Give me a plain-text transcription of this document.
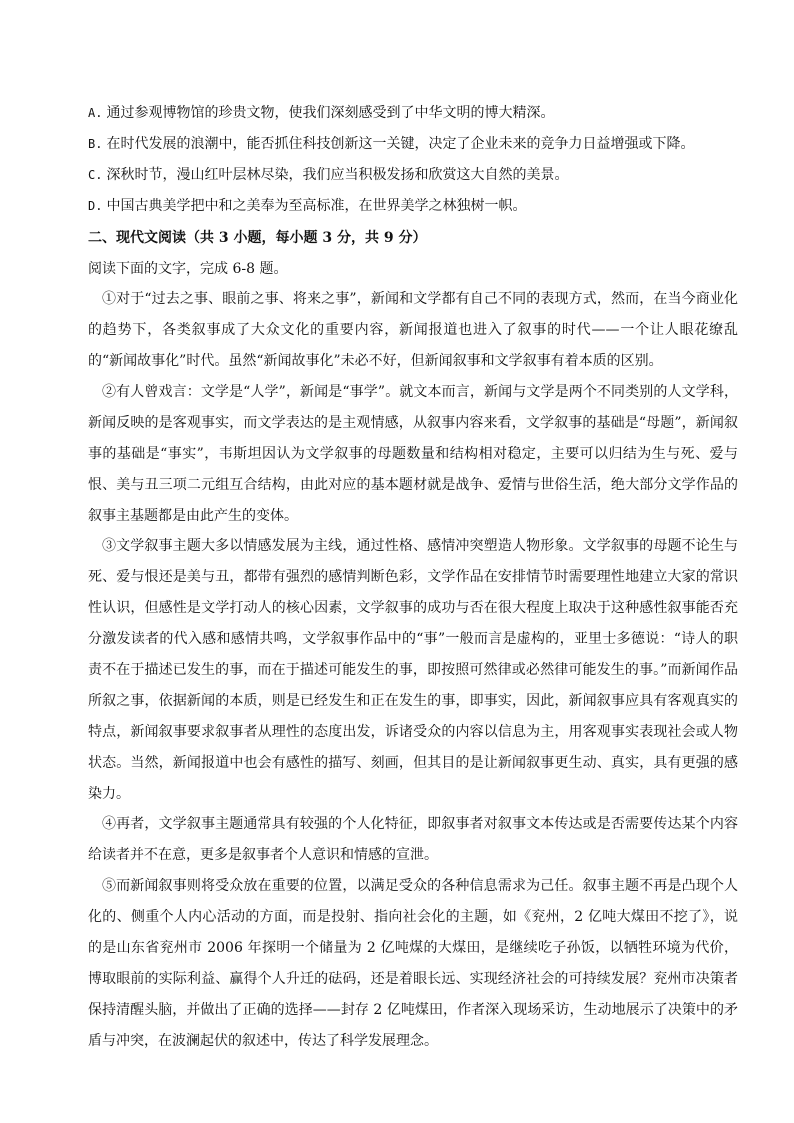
A. 通过参观博物馆的珍贵文物，使我们深刻感受到了中华文明的博大精深。
B. 在时代发展的浪潮中，能否抓住科技创新这一关键，决定了企业未来的竞争力日益增强或下降。
C. 深秋时节，漫山红叶层林尽染，我们应当积极发扬和欣赏这大自然的美景。
D. 中国古典美学把中和之美奉为至高标准，在世界美学之林独树一帜。
二、现代文阅读（共 3 小题，每小题 3 分，共 9 分）
阅读下面的文字，完成 6-8 题。

①对于“过去之事、眼前之事、将来之事”，新闻和文学都有自己不同的表现方式，然而，在当今商业化的趋势下，各类叙事成了大众文化的重要内容，新闻报道也进入了叙事的时代——一个让人眼花缭乱的“新闻故事化”时代。虽然“新闻故事化”未必不好，但新闻叙事和文学叙事有着本质的区别。

②有人曾戏言：文学是“人学”，新闻是“事学”。就文本而言，新闻与文学是两个不同类别的人文学科，新闻反映的是客观事实，而文学表达的是主观情感，从叙事内容来看，文学叙事的基础是“母题”，新闻叙事的基础是“事实”，韦斯坦因认为文学叙事的母题数量和结构相对稳定，主要可以归结为生与死、爱与恨、美与丑三项二元组互合结构，由此对应的基本题材就是战争、爱情与世俗生活，绝大部分文学作品的叙事主基题都是由此产生的变体。

③文学叙事主题大多以情感发展为主线，通过性格、感情冲突塑造人物形象。文学叙事的母题不论生与死、爱与恨还是美与丑，都带有强烈的感情判断色彩，文学作品在安排情节时需要理性地建立大家的常识性认识，但感性是文学打动人的核心因素，文学叙事的成功与否在很大程度上取决于这种感性叙事能否充分激发读者的代入感和感情共鸣，文学叙事作品中的“事”一般而言是虚构的，亚里士多德说：“诗人的职责不在于描述已发生的事，而在于描述可能发生的事，即按照可然律或必然律可能发生的事。”而新闻作品所叙之事，依据新闻的本质，则是已经发生和正在发生的事，即事实，因此，新闻叙事应具有客观真实的特点，新闻叙事要求叙事者从理性的态度出发，诉诸受众的内容以信息为主，用客观事实表现社会或人物状态。当然，新闻报道中也会有感性的描写、刻画，但其目的是让新闻叙事更生动、真实，具有更强的感染力。

④再者，文学叙事主题通常具有较强的个人化特征，即叙事者对叙事文本传达或是否需要传达某个内容给读者并不在意，更多是叙事者个人意识和情感的宣泄。

⑤而新闻叙事则将受众放在重要的位置，以满足受众的各种信息需求为己任。叙事主题不再是凸现个人化的、侧重个人内心活动的方面，而是投射、指向社会化的主题，如《兖州，2 亿吨大煤田不挖了》，说的是山东省兖州市 2006 年探明一个储量为 2 亿吨煤的大煤田，是继续吃子孙饭，以牺牲环境为代价，博取眼前的实际利益、赢得个人升迁的砝码，还是着眼长远、实现经济社会的可持续发展？兖州市决策者保持清醒头脑，并做出了正确的选择——封存 2 亿吨煤田，作者深入现场采访，生动地展示了决策中的矛盾与冲突，在波澜起伏的叙述中，传达了科学发展理念。
